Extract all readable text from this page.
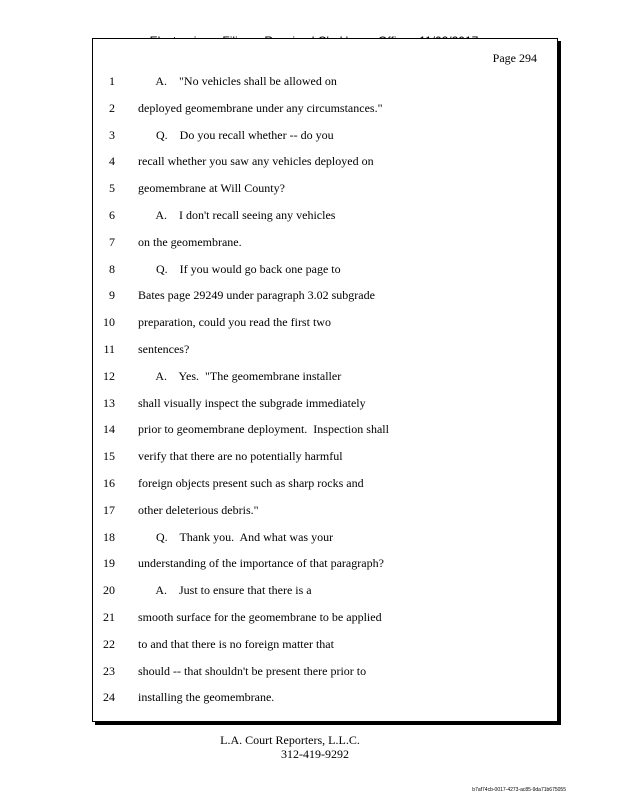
Page 294
1 A.    "No vehicles shall be allowed on
2 deployed geomembrane under any circumstances."
3 Q.    Do you recall whether -- do you
4 recall whether you saw any vehicles deployed on
5 geomembrane at Will County?
6 A.    I don't recall seeing any vehicles
7 on the geomembrane.
8 Q.    If you would go back one page to
9 Bates page 29249 under paragraph 3.02 subgrade
10 preparation, could you read the first two
11 sentences?
12 A.    Yes.  "The geomembrane installer
13 shall visually inspect the subgrade immediately
14 prior to geomembrane deployment.  Inspection shall
15 verify that there are no potentially harmful
16 foreign objects present such as sharp rocks and
17 other deleterious debris."
18 Q.    Thank you.  And what was your
19 understanding of the importance of that paragraph?
20 A.    Just to ensure that there is a
21 smooth surface for the geomembrane to be applied
22 to and that there is no foreign matter that
23 should -- that shouldn't be present there prior to
24 installing the geomembrane.
L.A. Court Reporters, L.L.C.
312-419-9292
b7af74cb-0017-4273-ac85-9da71b675055
